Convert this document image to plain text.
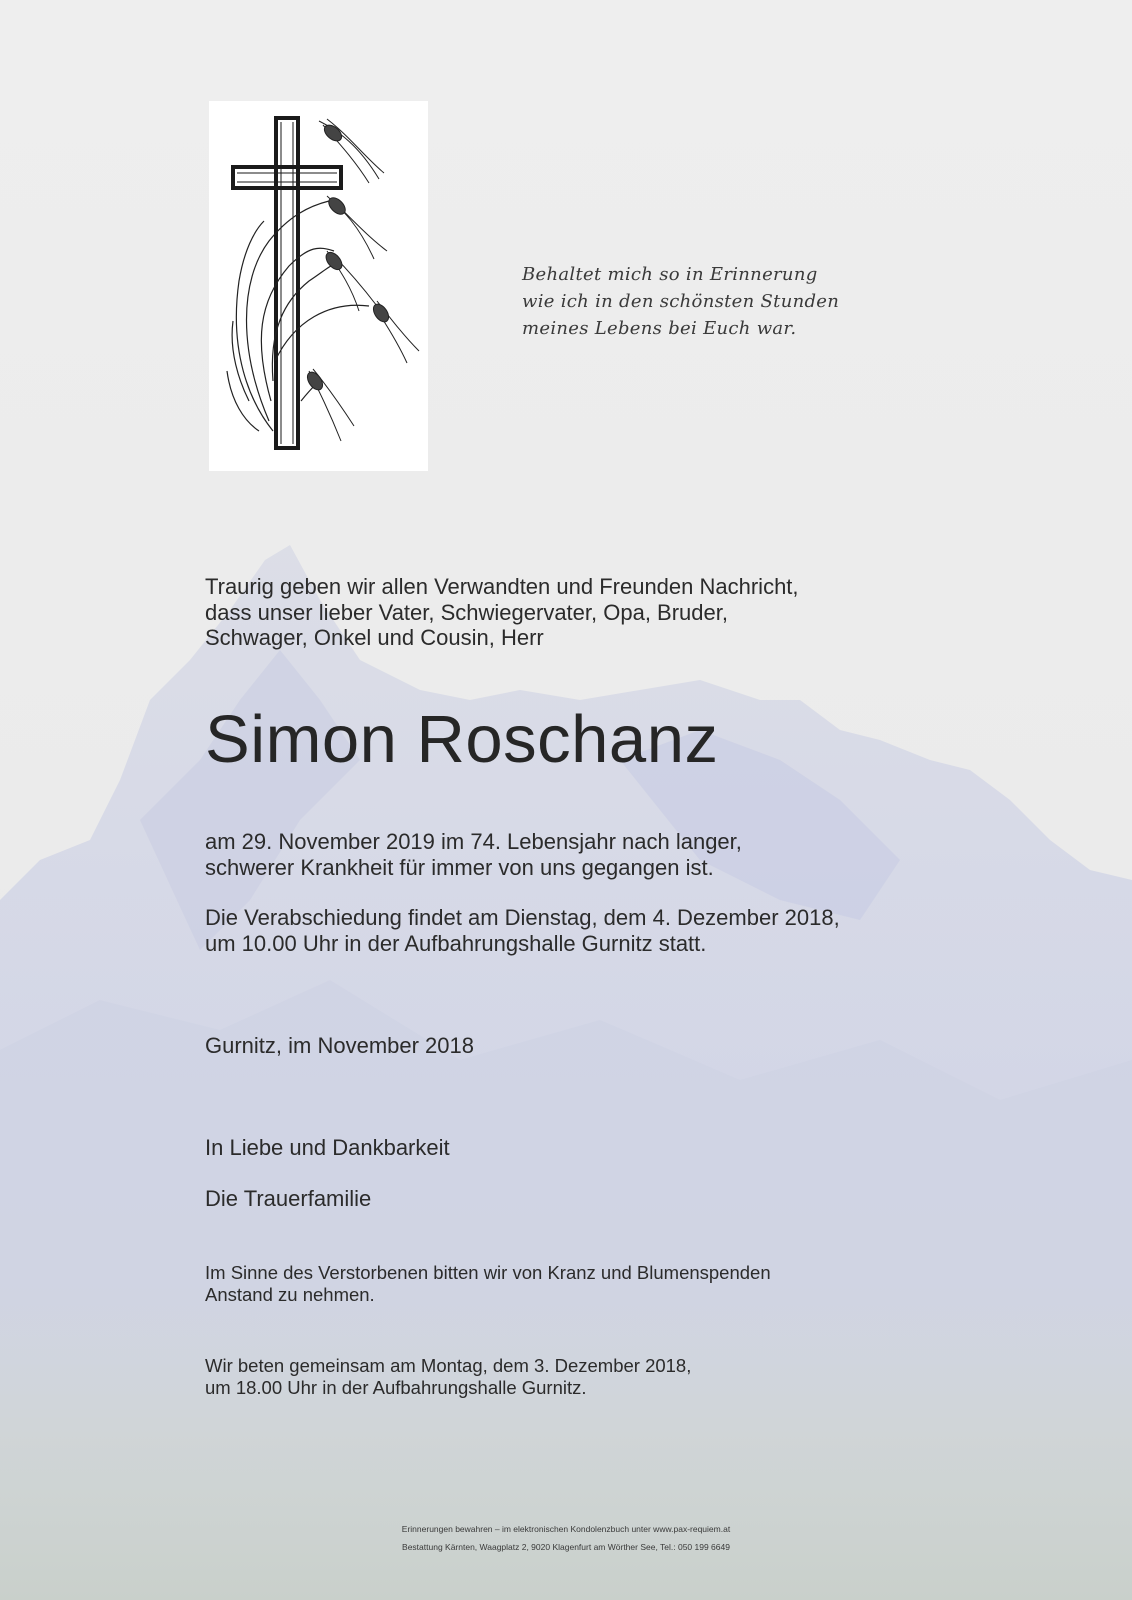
Behaltet mich so in Erinnerung
wie ich in den schönsten Stunden
meines Lebens bei Euch war.
Traurig geben wir allen Verwandten und Freunden Nachricht,
dass unser lieber Vater, Schwiegervater, Opa, Bruder,
Schwager, Onkel und Cousin, Herr
Simon Roschanz
am 29. November 2019 im 74. Lebensjahr nach langer,
schwerer Krankheit für immer von uns gegangen ist.
Die Verabschiedung findet am Dienstag, dem 4. Dezember 2018,
um 10.00 Uhr in der Aufbahrungshalle Gurnitz statt.
Gurnitz, im November 2018
In Liebe und Dankbarkeit
Die Trauerfamilie
Im Sinne des Verstorbenen bitten wir von Kranz und Blumenspenden
Anstand zu nehmen.
Wir beten gemeinsam am Montag, dem 3. Dezember 2018,
um 18.00 Uhr in der Aufbahrungshalle Gurnitz.
Erinnerungen bewahren – im elektronischen Kondolenzbuch unter www.pax-requiem.at
Bestattung Kärnten, Waagplatz 2, 9020 Klagenfurt am Wörther See, Tel.: 050 199 6649
